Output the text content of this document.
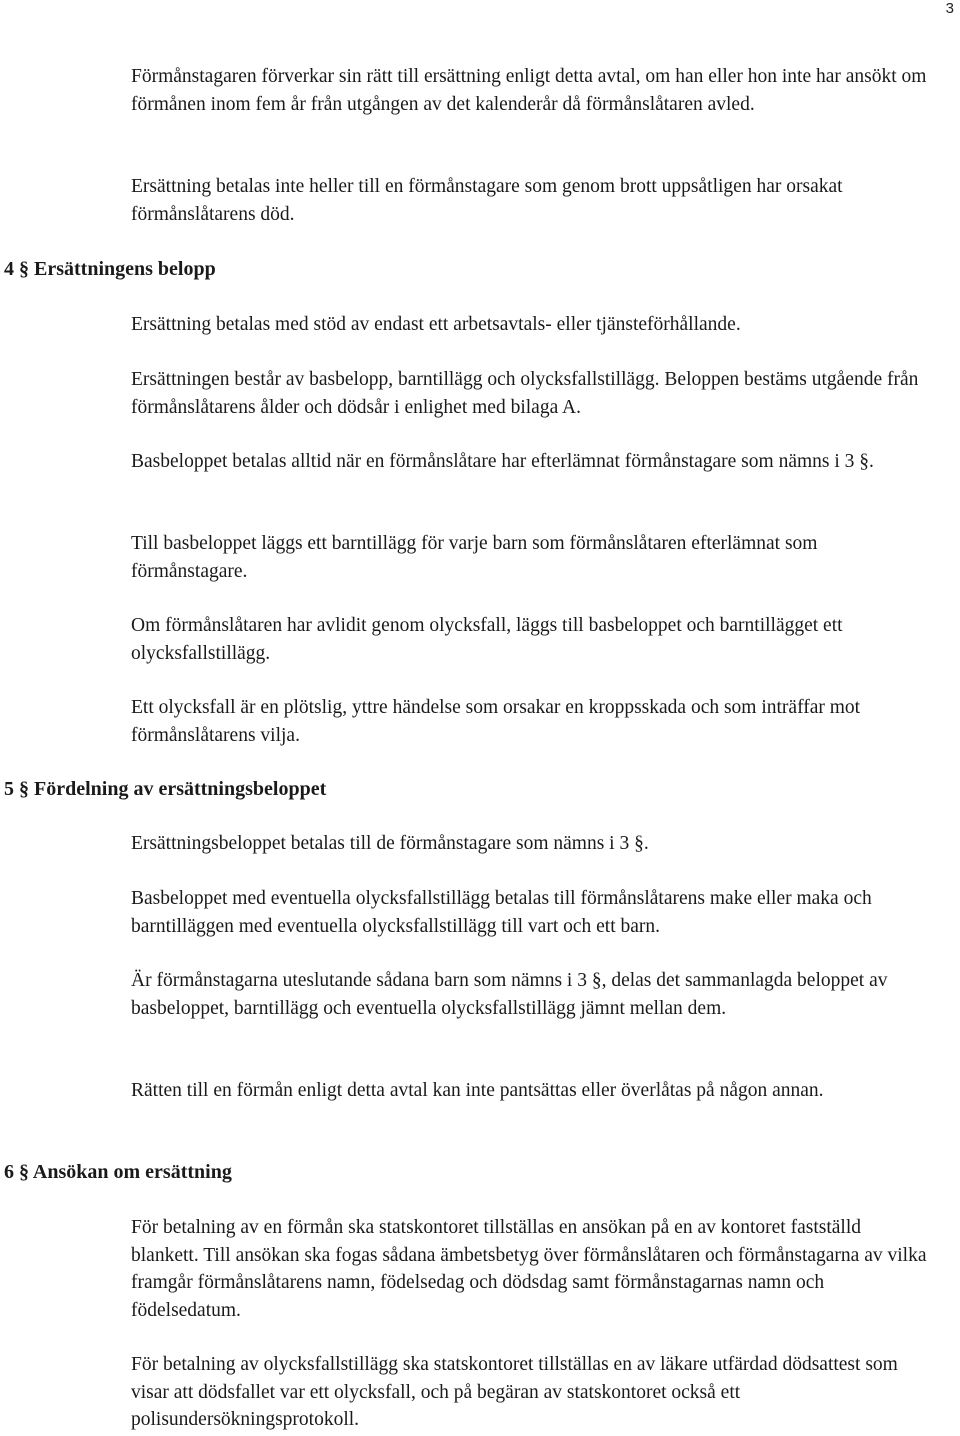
3

Förmånstagaren förverkar sin rätt till ersättning enligt detta avtal, om han eller hon inte har ansökt om förmånen inom fem år från utgången av det kalenderår då förmånslåtaren avled.

Ersättning betalas inte heller till en förmånstagare som genom brott uppsåtligen har orsakat förmånslåtarens död.

4 § Ersättningens belopp

Ersättning betalas med stöd av endast ett arbetsavtals- eller tjänsteförhållande.

Ersättningen består av basbelopp, barntillägg och olycksfallstillägg. Beloppen bestäms utgående från förmånslåtarens ålder och dödsår i enlighet med bilaga A.

Basbeloppet betalas alltid när en förmånslåtare har efterlämnat förmånstagare som nämns i 3 §.

Till basbeloppet läggs ett barntillägg för varje barn som förmånslåtaren efterlämnat som förmånstagare.

Om förmånslåtaren har avlidit genom olycksfall, läggs till basbeloppet och barntillägget ett olycksfallstillägg.

Ett olycksfall är en plötslig, yttre händelse som orsakar en kroppsskada och som inträffar mot förmånslåtarens vilja.

5 § Fördelning av ersättningsbeloppet

Ersättningsbeloppet betalas till de förmånstagare som nämns i 3 §.

Basbeloppet med eventuella olycksfallstillägg betalas till förmånslåtarens make eller maka och barntilläggen med eventuella olycksfallstillägg till vart och ett barn.

Är förmånstagarna uteslutande sådana barn som nämns i 3 §, delas det sammanlagda beloppet av basbeloppet, barntillägg och eventuella olycksfallstillägg jämnt mellan dem.

Rätten till en förmån enligt detta avtal kan inte pantsättas eller överlåtas på någon annan.

6 § Ansökan om ersättning

För betalning av en förmån ska statskontoret tillställas en ansökan på en av kontoret fastställd blankett. Till ansökan ska fogas sådana ämbetsbetyg över förmånslåtaren och förmånstagarna av vilka framgår förmånslåtarens namn, födelsedag och dödsdag samt förmånstagarnas namn och födelsedatum.

För betalning av olycksfallstillägg ska statskontoret tillställas en av läkare utfärdad dödsattest som visar att dödsfallet var ett olycksfall, och på begäran av statskontoret också ett polisundersökningsprotokoll.
